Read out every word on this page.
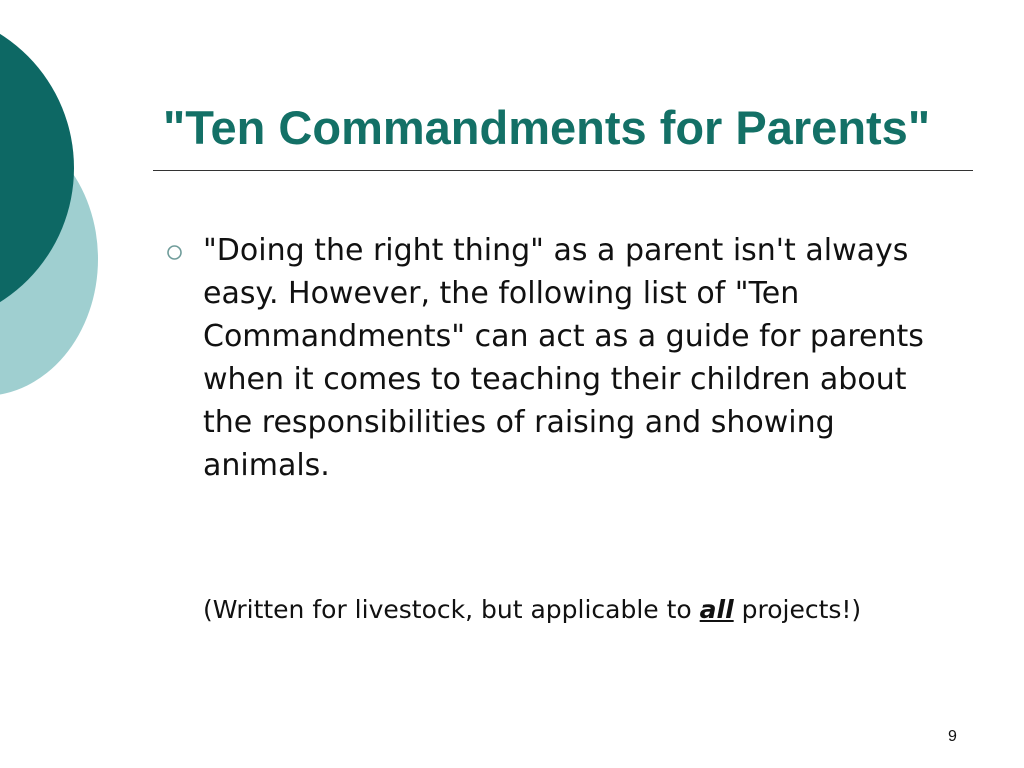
"Ten Commandments for Parents"

"Doing the right thing" as a parent isn't always easy. However, the following list of "Ten Commandments" can act as a guide for parents when it comes to teaching their children about the responsibilities of raising and showing animals.

(Written for livestock, but applicable to all projects!)

9
